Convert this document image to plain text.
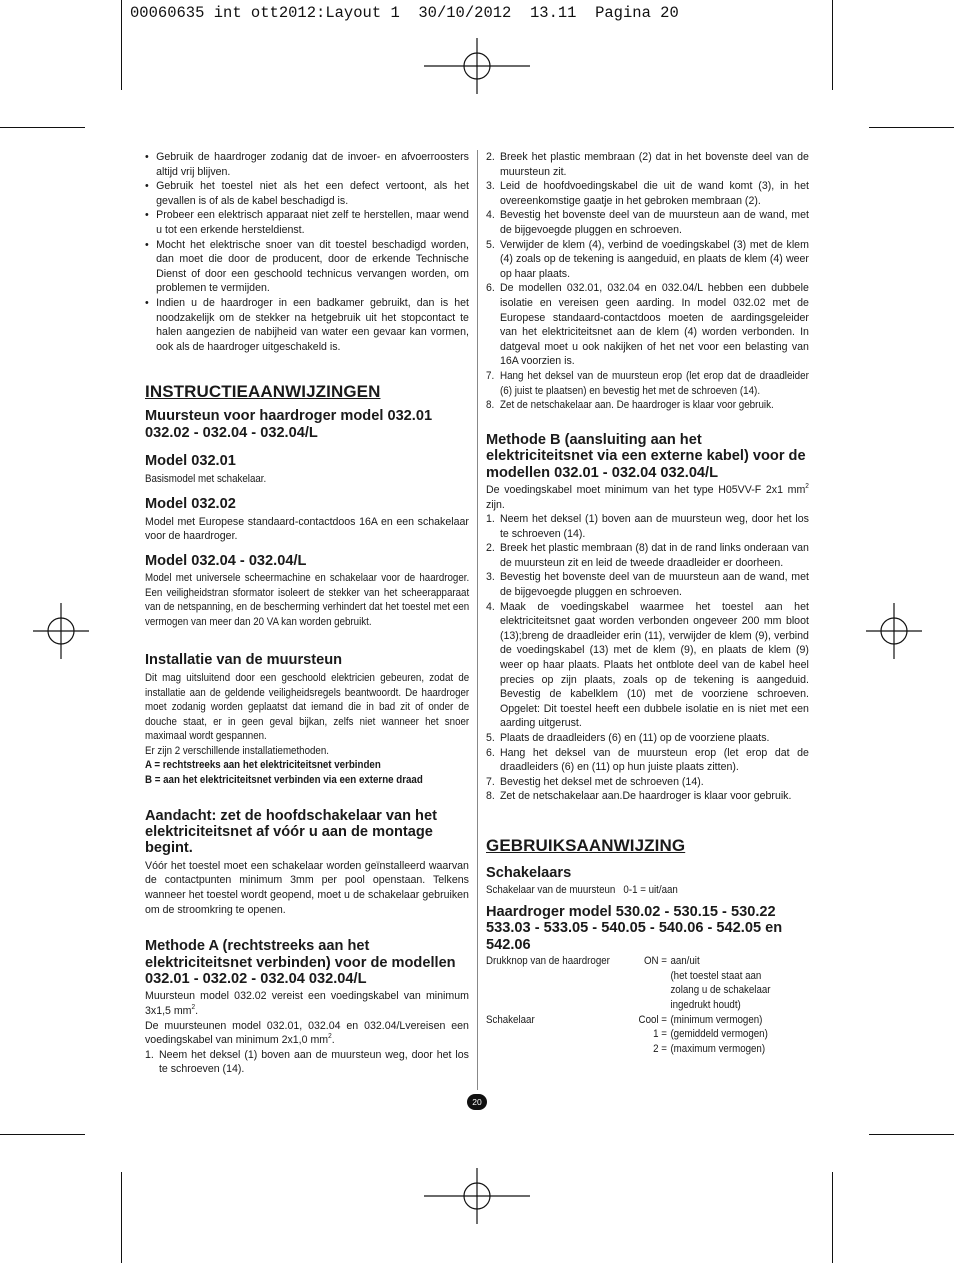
00060635 int ott2012:Layout 1  30/10/2012  13.11  Pagina 20
• Gebruik de haardroger zodanig dat de invoer- en afvoerroosters altijd vrij blijven.
• Gebruik het toestel niet als het een defect vertoont, als het gevallen is of als de kabel beschadigd is.
• Probeer een elektrisch apparaat niet zelf te herstellen, maar wend u tot een erkende hersteldienst.
• Mocht het elektrische snoer van dit toestel beschadigd worden, dan moet die door de producent, door de erkende Technische Dienst of door een geschoold technicus vervangen worden, om problemen te vermijden.
• Indien u de haardroger in een badkamer gebruikt, dan is het noodzakelijk om de stekker na hetgebruik uit het stopcontact te halen aangezien de nabijheid van water een gevaar kan vormen, ook als de haardroger uitgeschakeld is.
INSTRUCTIEAANWIJZINGEN
Muursteun voor haardroger model 032.01 032.02 - 032.04 - 032.04/L
Model 032.01

Basismodel met schakelaar.

Model 032.02

Model met Europese standaard-contactdoos 16A en een schakelaar voor de haardroger.

Model 032.04 - 032.04/L

Model met universele scheermachine en schakelaar voor de haardroger. Een veiligheidstran sformator isoleert de stekker van het scheerapparaat van de netspanning, en de bescherming verhindert dat het toestel met een vermogen van meer dan 20 VA kan worden gebruikt.

Installatie van de muursteun

Dit mag uitsluitend door een geschoold elektricien gebeuren, zodat de installatie aan de geldende veiligheidsregels beantwoordt. De haardroger moet zodanig worden geplaatst dat iemand die in bad zit of onder de douche staat, er in geen geval bijkan, zelfs niet wanneer het snoer maximaal wordt gespannen.

Er zijn 2 verschillende installatiemethoden.

A = rechtstreeks aan het elektriciteitsnet verbinden

B = aan het elektriciteitsnet verbinden via een externe draad

Aandacht: zet de hoofdschakelaar van het elektriciteitsnet af vóór u aan de montage begint.

Vóór het toestel moet een schakelaar worden geïnstalleerd waarvan de contactpunten minimum 3mm per pool openstaan. Telkens wanneer het toestel wordt geopend, moet u de schakelaar gebruiken om de stroomkring te openen.

Methode A (rechtstreeks aan het elektriciteitsnet verbinden) voor de modellen 032.01 - 032.02 - 032.04 032.04/L

Muursteun model 032.02 vereist een voedingskabel van minimum 3x1,5 $mm^2$.

De muursteunen model 032.01, 032.04 en 032.04/Lvereisen een voedingskabel van minimum 2x1,0 $mm^2$.

1. Neem het deksel (1) boven aan de muursteun weg, door het los te schroeven (14).
2. Breek het plastic membraan (2) dat in het bovenste deel van de muursteun zit.
3. Leid de hoofdvoedingskabel die uit de wand komt (3), in het overeenkomstige gaatje in het gebroken membraan (2).
4. Bevestig het bovenste deel van de muursteun aan de wand, met de bijgevoegde pluggen en schroeven.
5. Verwijder de klem (4), verbind de voedingskabel (3) met de klem (4) zoals op de tekening is aangeduid, en plaats de klem (4) weer op haar plaats.
6. De modellen 032.01, 032.04 en 032.04/L hebben een dubbele isolatie en vereisen geen aarding. In model 032.02 met de Europese standaard-contactdoos moeten de aardingsgeleider van het elektriciteitsnet aan de klem (4) worden verbonden. In datgeval moet u ook nakijken of het net voor een belasting van 16A voorzien is.
7. Hang het deksel van de muursteun erop (let erop dat de draadleider (6) juist te plaatsen) en bevestig het met de schroeven (14).
8. Zet de netschakelaar aan. De haardroger is klaar voor gebruik.
Methode B (aansluiting aan het elektriciteitsnet via een externe kabel) voor de modellen 032.01 - 032.04 032.04/L

De voedingskabel moet minimum van het type H05VV-F 2x1 $mm^2$ zijn.

1. Neem het deksel (1) boven aan de muursteun weg, door het los te schroeven (14).
2. Breek het plastic membraan (8) dat in de rand links onderaan van de muursteun zit en leid de tweede draadleider er doorheen.
3. Bevestig het bovenste deel van de muursteun aan de wand, met de bijgevoegde pluggen en schroeven.
4. Maak de voedingskabel waarmee het toestel aan het elektriciteitsnet gaat worden verbonden ongeveer 200 mm bloot (13);breng de draadleider erin (11), verwijder de klem (9), verbind de voedingskabel (13) met de klem (9), en plaats de klem (9) weer op haar plaats. Plaats het ontblote deel van de kabel heel precies op zijn plaats, zoals op de tekening is aangeduid. Bevestig de kabelklem (10) met de voorziene schroeven. Opgelet: Dit toestel heeft een dubbele isolatie en is niet met een aarding uitgerust.
5. Plaats de draadleiders (6) en (11) op de voorziene plaats.
6. Hang het deksel van de muursteun erop (let erop dat de draadleiders (6) en (11) op hun juiste plaats zitten).
7. Bevestig het deksel met de schroeven (14).
8. Zet de netschakelaar aan.De haardroger is klaar voor gebruik.
GEBRUIKSAANWIJZING
Schakelaars

Schakelaar van de muursteun   0-1 = uit/aan

Haardroger model 530.02 - 530.15 - 530.22 533.03 - 533.05 - 540.05 - 540.06 - 542.05 en 542.06
Drukknop van de haardroger	ON =	aan/uit
		(het toestel staat aan
		zolang u de schakelaar
		ingedrukt houdt)
Schakelaar	Cool =	(minimum vermogen)
	1 =	(gemiddeld vermogen)
	2 =	(maximum vermogen)
20
